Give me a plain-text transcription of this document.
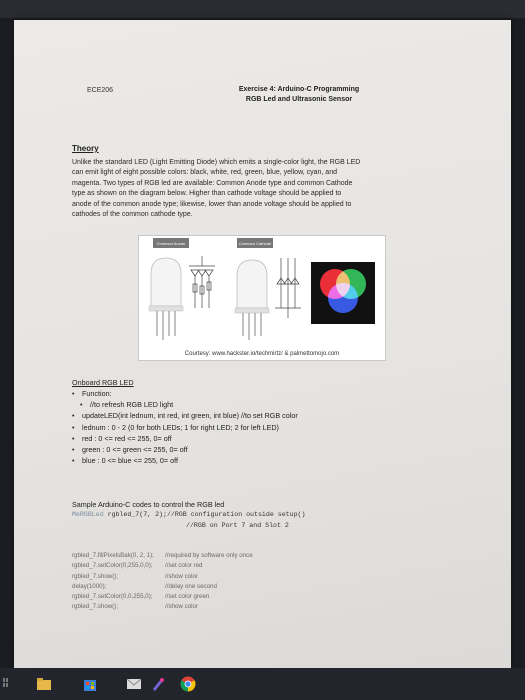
ECE206	Exercise 4: Arduino-C Programming
RGB Led and Ultrasonic Sensor
Theory
Unlike the standard LED (Light Emitting Diode) which emits a single-color light, the RGB LED
can emit light of eight possible colors: black, white, red, green, blue, yellow, cyan, and
magenta. Two types of RGB led are available: Common Anode type and common Cathode
type as shown on the diagram below. Higher than cathode voltage should be applied to
anode of the common anode type; likewise, lower than anode voltage should be applied to
cathodes of the common cathode type.
Common Anode	Common Cathode
Courtesy: www.hackster.io/techmirtz/ & palmettomojo.com
Onboard RGB LED
• Function:
• //to refresh RGB LED light
• updateLED(int lednum, int red, int green, int blue) //to set RGB color
• lednum : 0 - 2 (0 for both LEDs; 1 for right LED; 2 for left LED)
• red : 0 <= red <= 255, 0= off
• green : 0 <= green <= 255, 0= off
• blue : 0 <= blue <= 255, 0= off
Sample Arduino-C codes to control the RGB led
MeRGBLed rgbled_7(7, 2);//RGB configuration outside setup()
//RGB on Port 7 and Slot 2
rgbled_7.fillPixelsBak(0, 2, 1); //required by software only once
rgbled_7.setColor(0,255,0,0); //set color red
rgbled_7.show();	//show color
delay(1000);	//delay one second
rgbled_7.setColor(0,0,255,0); //set color green
rgbled_7.show();	//show color
